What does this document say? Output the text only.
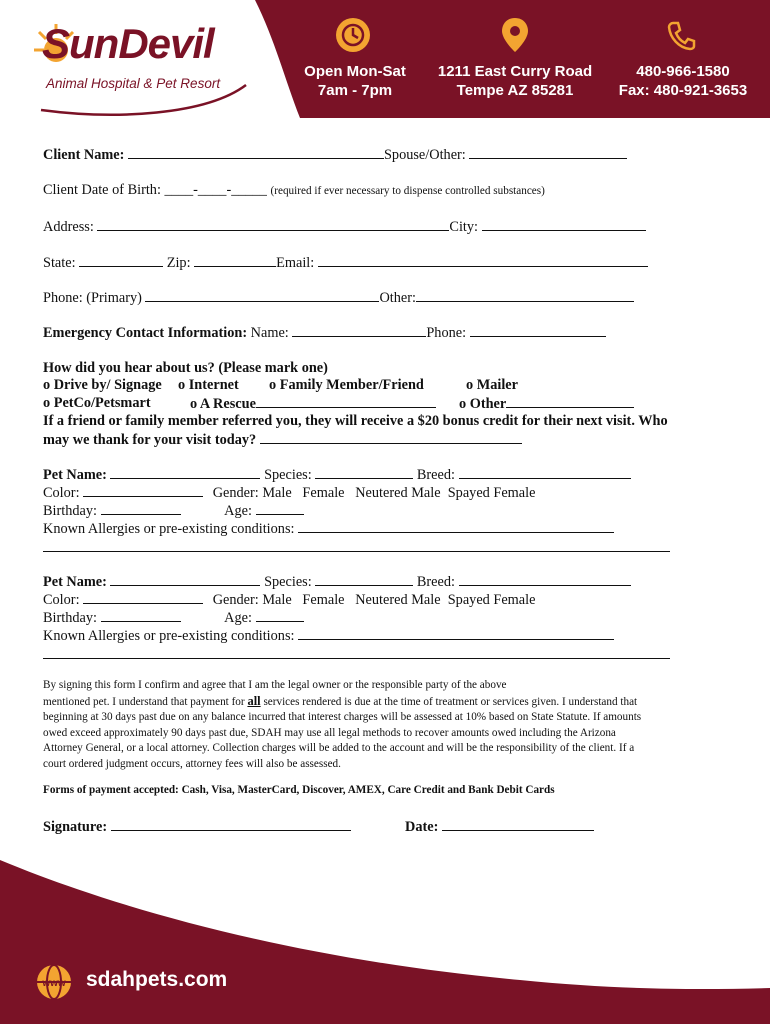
SunDevil
Animal Hospital & Pet Resort
Open Mon-Sat
7am - 7pm
1211 East Curry Road
Tempe AZ 85281
480-966-1580
Fax: 480-921-3653
Client Name:	Spouse/Other:
Client Date of Birth: ____-____-_____ (required if ever necessary to dispense controlled substances)
Address:	City:
State:	Zip:	Email:
Phone: (Primary)	Other:
Emergency Contact Information: Name:	Phone:
How did you hear about us? (Please mark one)
o Drive by/ Signage o Internet o Family Member/Friend	o Mailer
o PetCo/Petsmart	o A Rescue	o Other
If a friend or family member referred you, they will receive a $20 bonus credit for their next visit. Who
may we thank for your visit today?
Pet Name:	Species:	Breed:
Color:	Gender: Male   Female   Neutered Male  Spayed Female
Birthday:	Age:
Known Allergies or pre-existing conditions:
Pet Name:	Species:	Breed:
Color:	Gender: Male   Female   Neutered Male  Spayed Female
Birthday:	Age:
Known Allergies or pre-existing conditions:
By signing this form I confirm and agree that I am the legal owner or the responsible party of the above
mentioned pet. I understand that payment for all services rendered is due at the time of treatment or services given. I understand that
beginning at 30 days past due on any balance incurred that interest charges will be assessed at 10% based on State Statute. If amounts
owed exceed approximately 90 days past due, SDAH may use all legal methods to recover amounts owed including the Arizona
Attorney General, or a local attorney. Collection charges will be added to the account and will be the responsibility of the client. If a
court ordered judgment occurs, attorney fees will also be assessed.
Forms of payment accepted: Cash, Visa, MasterCard, Discover, AMEX, Care Credit and Bank Debit Cards
Signature:	Date:
www sdahpets.com
